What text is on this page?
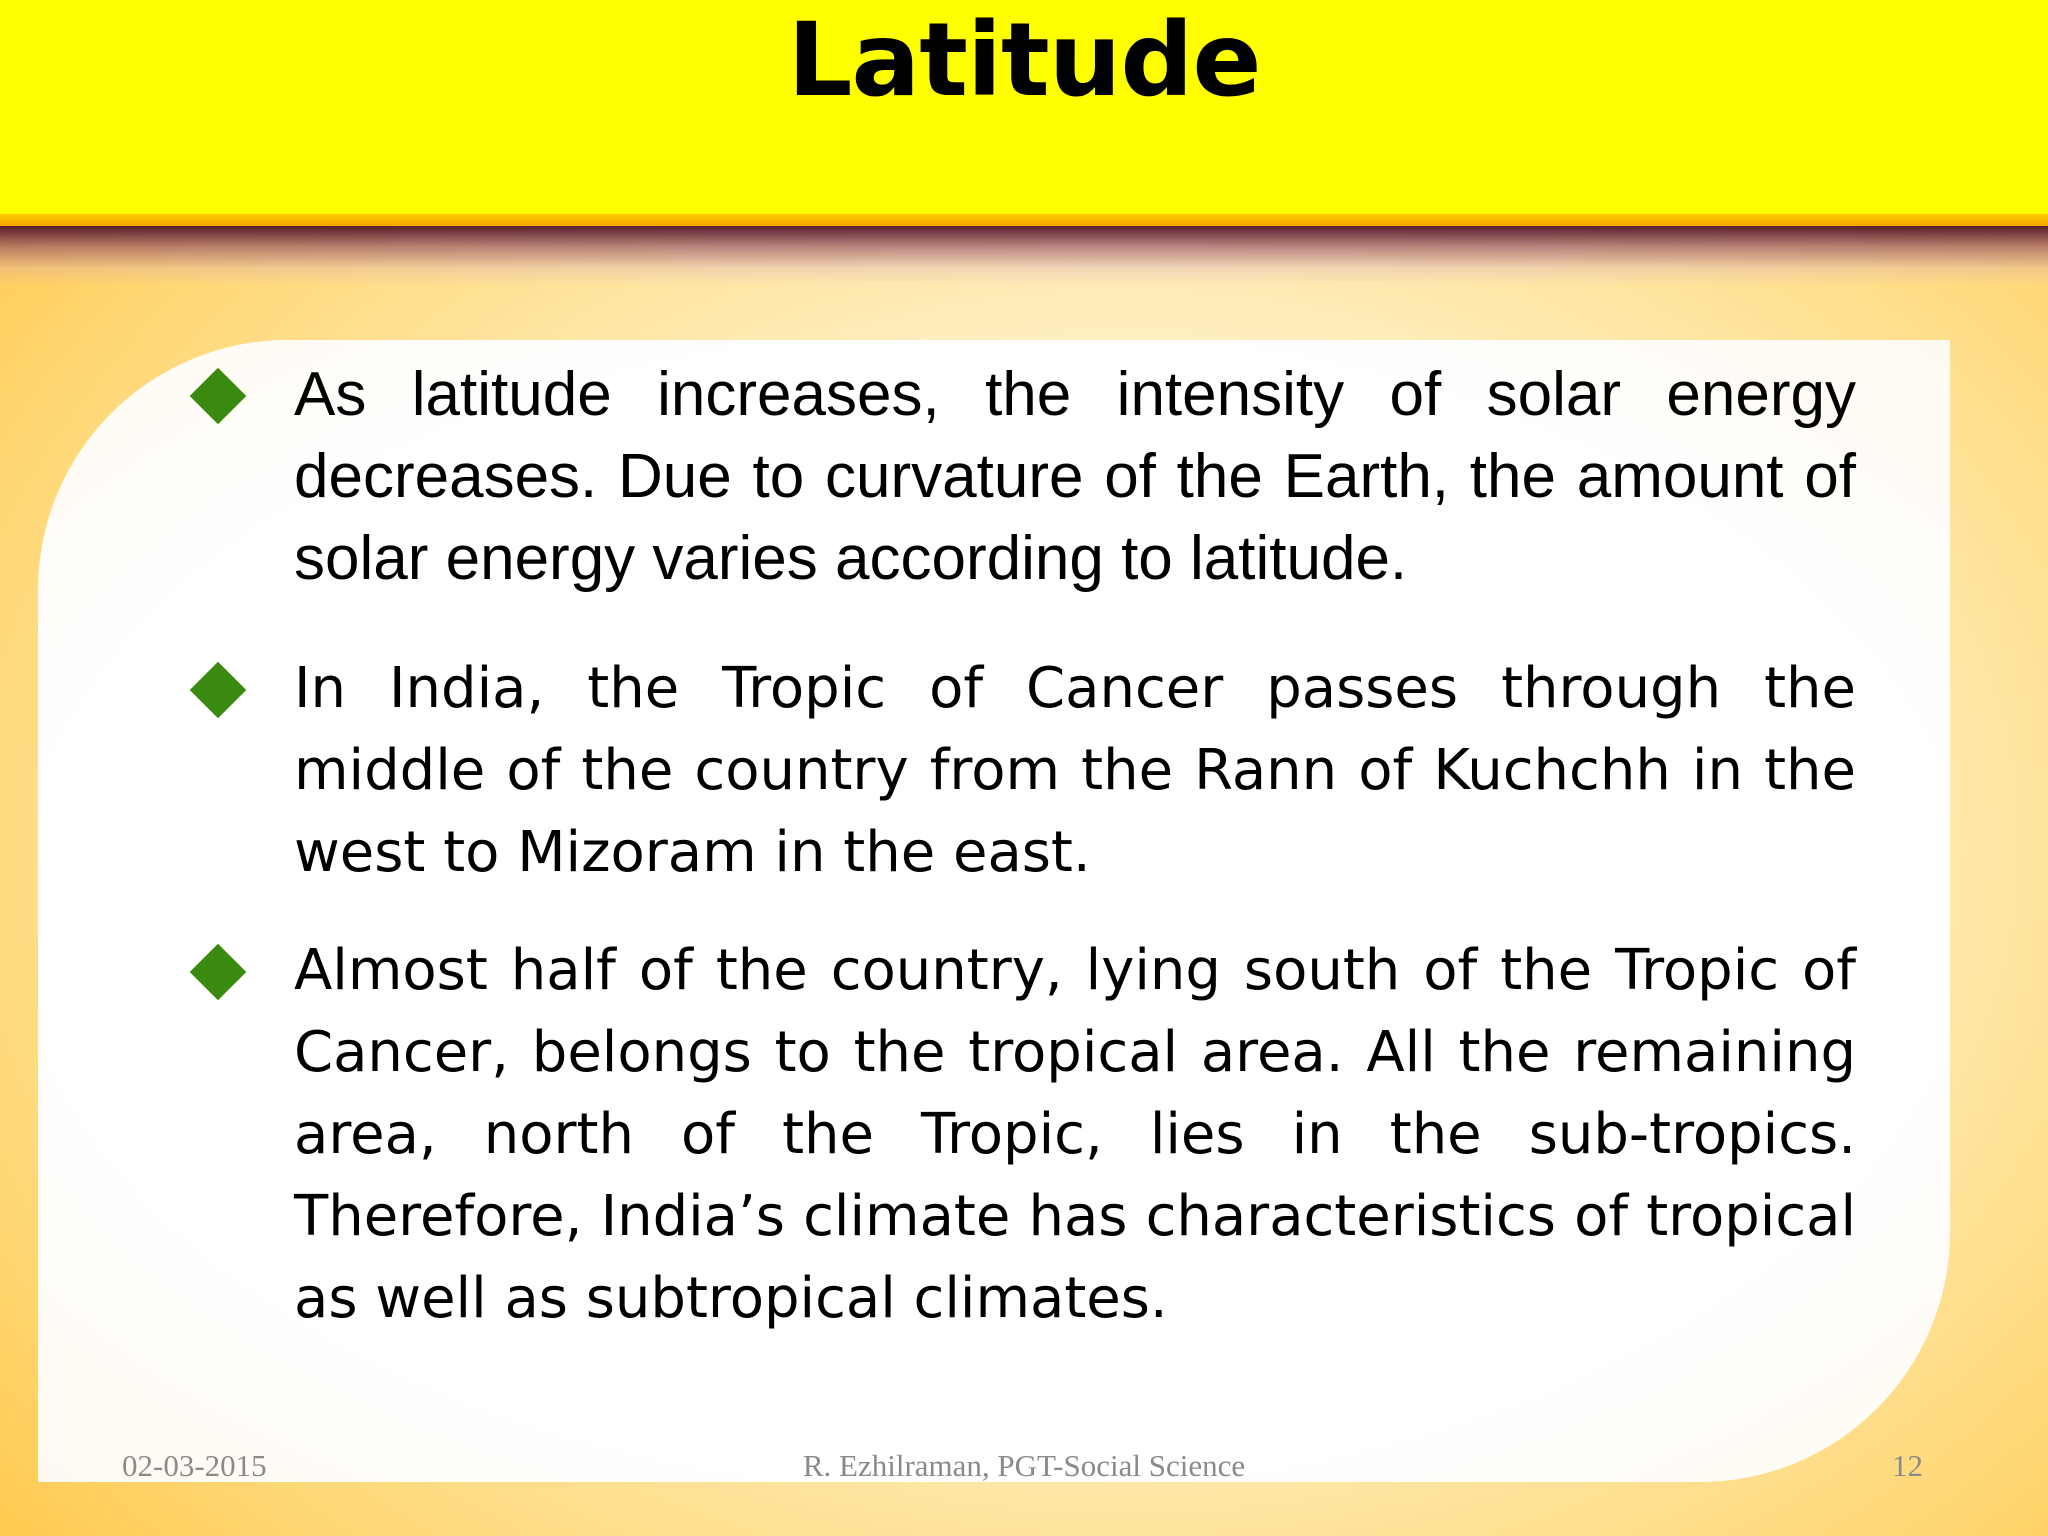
Latitude
As latitude increases, the intensity of solar energy decreases. Due to curvature of the Earth, the amount of solar energy varies according to latitude.
In India, the Tropic of Cancer passes through the middle of the country from the Rann of Kuchchh in the west to Mizoram in the east.
Almost half of the country, lying south of the Tropic of Cancer, belongs to the tropical area. All the remaining area, north of the Tropic, lies in the sub-tropics. Therefore, India’s climate has characteristics of tropical as well as subtropical climates.
02-03-2015	R. Ezhilraman, PGT-Social Science	12
